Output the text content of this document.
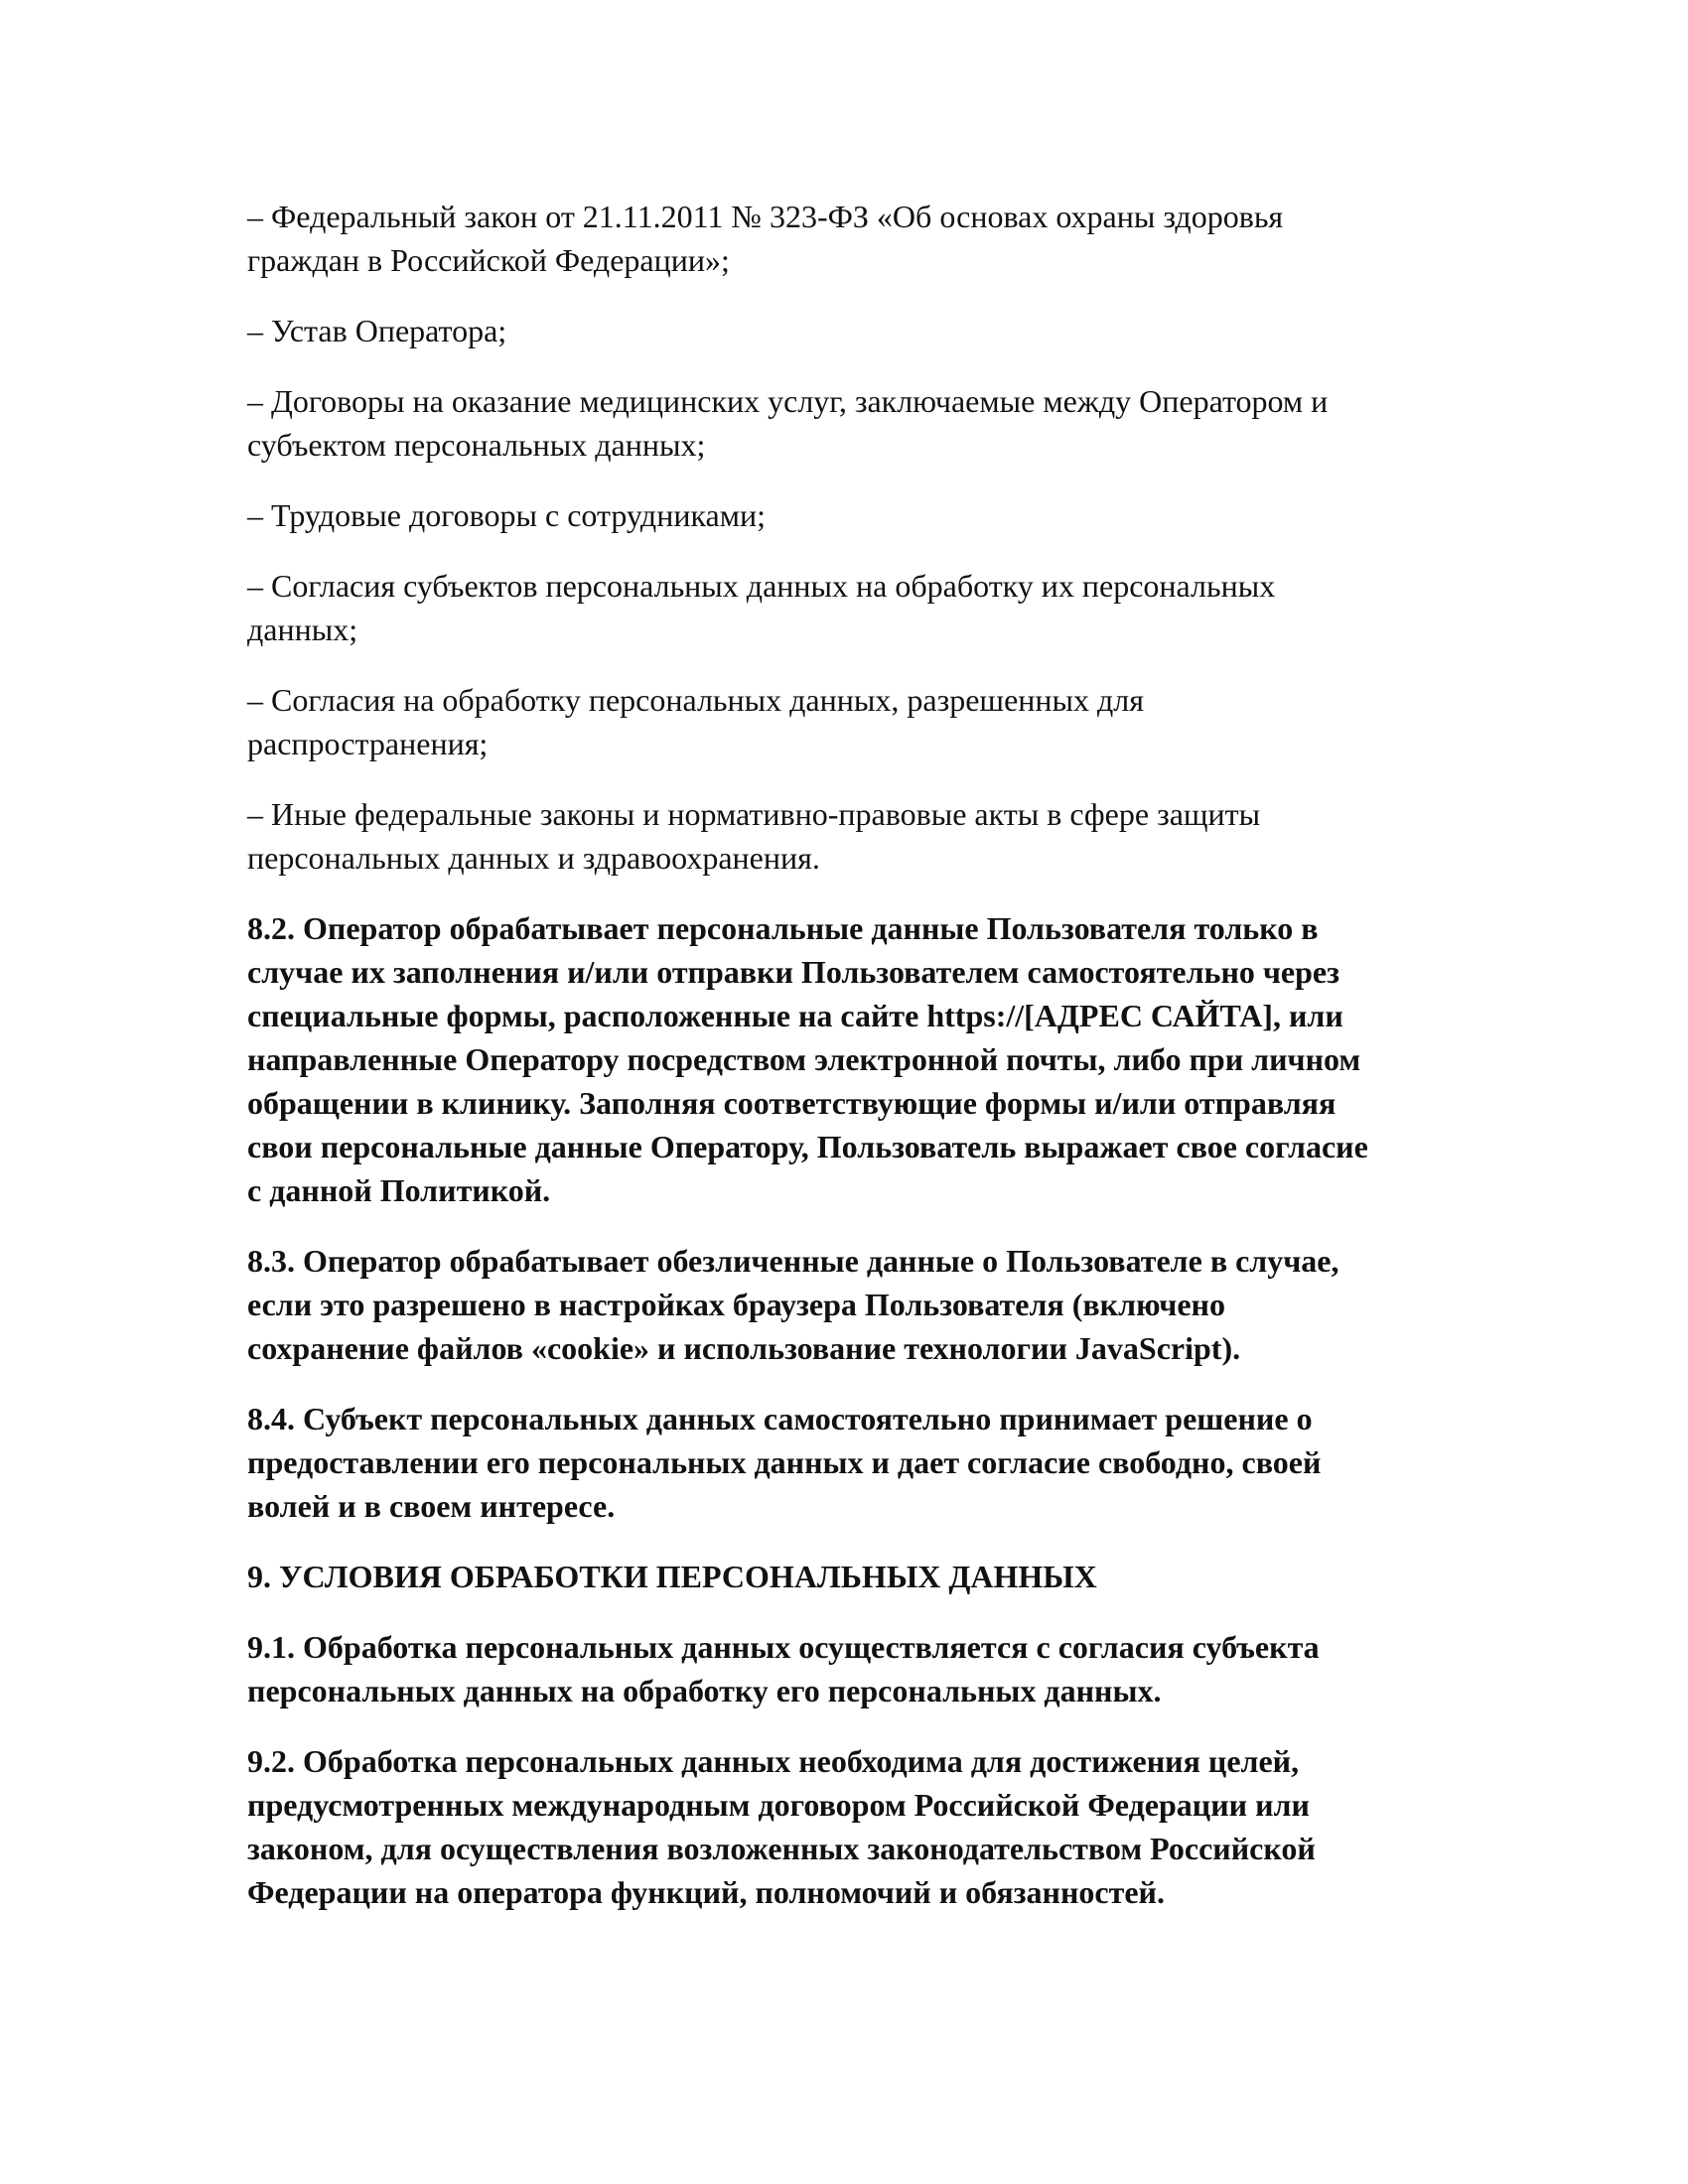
– Федеральный закон от 21.11.2011 № 323-ФЗ «Об основах охраны здоровья
граждан в Российской Федерации»;

– Устав Оператора;

– Договоры на оказание медицинских услуг, заключаемые между Оператором и
субъектом персональных данных;

– Трудовые договоры с сотрудниками;

– Согласия субъектов персональных данных на обработку их персональных
данных;

– Согласия на обработку персональных данных, разрешенных для
распространения;

– Иные федеральные законы и нормативно-правовые акты в сфере защиты
персональных данных и здравоохранения.

8.2. Оператор обрабатывает персональные данные Пользователя только в
случае их заполнения и/или отправки Пользователем самостоятельно через
специальные формы, расположенные на сайте https://[АДРЕС САЙТА], или
направленные Оператору посредством электронной почты, либо при личном
обращении в клинику. Заполняя соответствующие формы и/или отправляя
свои персональные данные Оператору, Пользователь выражает свое согласие
с данной Политикой.

8.3. Оператор обрабатывает обезличенные данные о Пользователе в случае,
если это разрешено в настройках браузера Пользователя (включено
сохранение файлов «cookie» и использование технологии JavaScript).

8.4. Субъект персональных данных самостоятельно принимает решение о
предоставлении его персональных данных и дает согласие свободно, своей
волей и в своем интересе.

9. УСЛОВИЯ ОБРАБОТКИ ПЕРСОНАЛЬНЫХ ДАННЫХ

9.1. Обработка персональных данных осуществляется с согласия субъекта
персональных данных на обработку его персональных данных.

9.2. Обработка персональных данных необходима для достижения целей,
предусмотренных международным договором Российской Федерации или
законом, для осуществления возложенных законодательством Российской
Федерации на оператора функций, полномочий и обязанностей.
